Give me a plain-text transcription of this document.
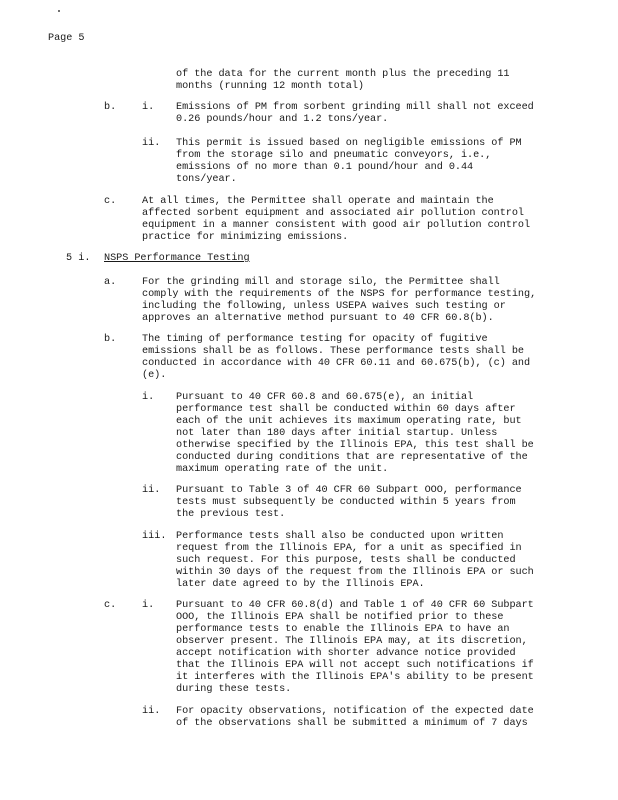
Page 5
of the data for the current month plus the preceding 11
months (running 12 month total)
b.	i. Emissions of PM from sorbent grinding mill shall not exceed
0.26 pounds/hour and 1.2 tons/year.
ii. This permit is issued based on negligible emissions of PM
from the storage silo and pneumatic conveyors, i.e.,
emissions of no more than 0.1 pound/hour and 0.44
tons/year.
c.	At all times, the Permittee shall operate and maintain the
affected sorbent equipment and associated air pollution control
equipment in a manner consistent with good air pollution control
practice for minimizing emissions.
5 i. NSPS Performance Testing
a.	For the grinding mill and storage silo, the Permittee shall
comply with the requirements of the NSPS for performance testing,
including the following, unless USEPA waives such testing or
approves an alternative method pursuant to 40 CFR 60.8(b).
b.	The timing of performance testing for opacity of fugitive
emissions shall be as follows. These performance tests shall be
conducted in accordance with 40 CFR 60.11 and 60.675(b), (c) and
(e).
i. Pursuant to 40 CFR 60.8 and 60.675(e), an initial
performance test shall be conducted within 60 days after
each of the unit achieves its maximum operating rate, but
not later than 180 days after initial startup. Unless
otherwise specified by the Illinois EPA, this test shall be
conducted during conditions that are representative of the
maximum operating rate of the unit.
ii. Pursuant to Table 3 of 40 CFR 60 Subpart OOO, performance
tests must subsequently be conducted within 5 years from
the previous test.
iii. Performance tests shall also be conducted upon written
request from the Illinois EPA, for a unit as specified in
such request. For this purpose, tests shall be conducted
within 30 days of the request from the Illinois EPA or such
later date agreed to by the Illinois EPA.
c.	i. Pursuant to 40 CFR 60.8(d) and Table 1 of 40 CFR 60 Subpart
OOO, the Illinois EPA shall be notified prior to these
performance tests to enable the Illinois EPA to have an
observer present. The Illinois EPA may, at its discretion,
accept notification with shorter advance notice provided
that the Illinois EPA will not accept such notifications if
it interferes with the Illinois EPA's ability to be present
during these tests.
ii. For opacity observations, notification of the expected date
of the observations shall be submitted a minimum of 7 days
